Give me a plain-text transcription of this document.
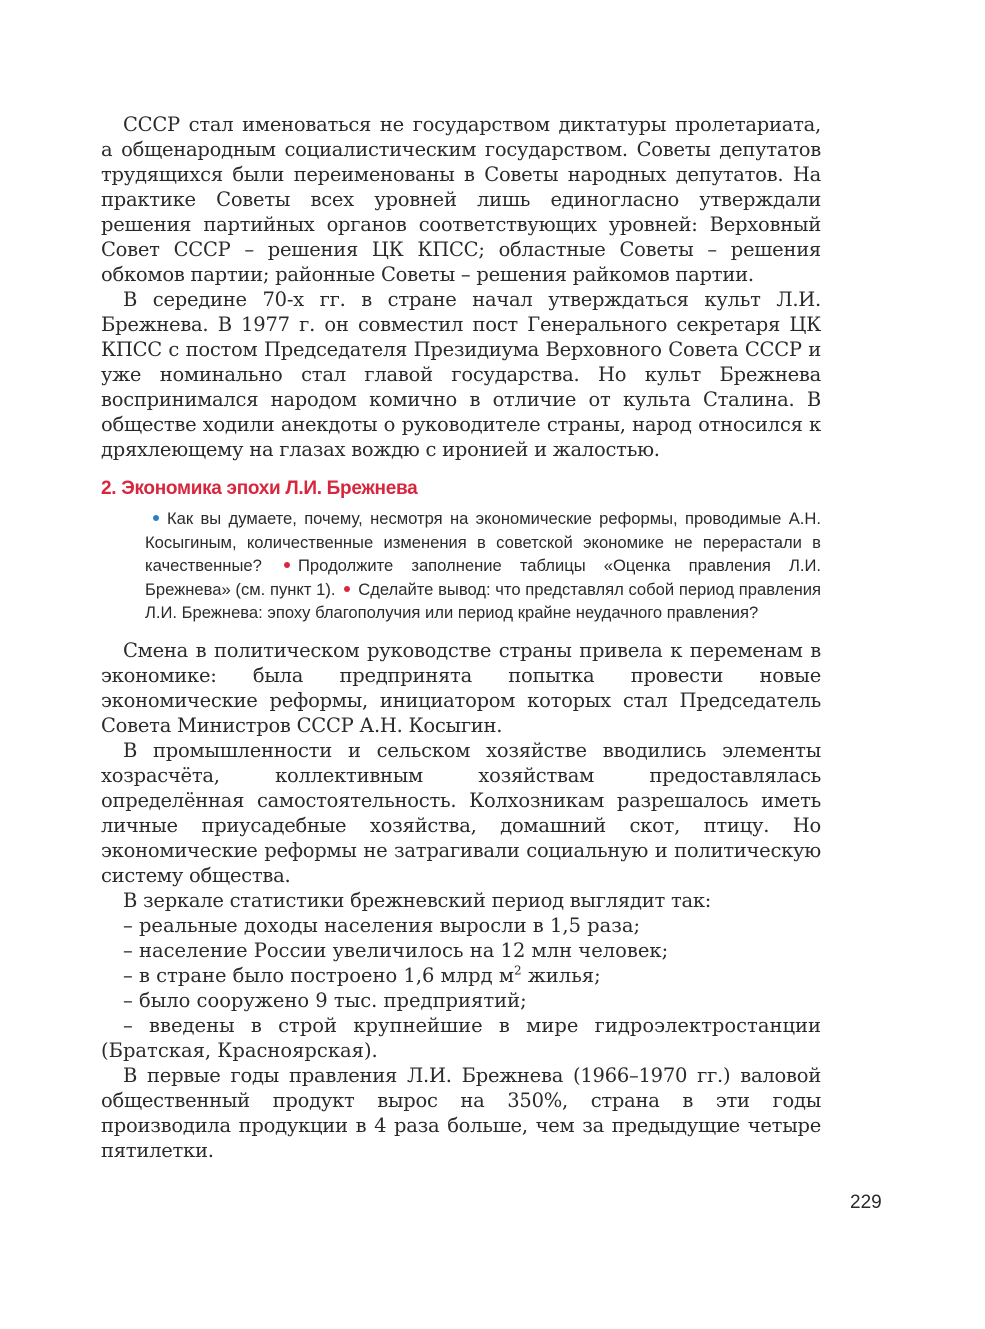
СССР стал именоваться не государством диктатуры пролетариата, а общенародным социалистическим государством. Советы депутатов трудящихся были переименованы в Советы народных депутатов. На практике Советы всех уровней лишь единогласно утверждали решения партийных органов соответствующих уровней: Верховный Совет СССР – решения ЦК КПСС; областные Советы – решения обкомов партии; районные Советы – решения райкомов партии.

В середине 70-х гг. в стране начал утверждаться культ Л.И. Брежнева. В 1977 г. он совместил пост Генерального секретаря ЦК КПСС с постом Председателя Президиума Верховного Совета СССР и уже номинально стал главой государства. Но культ Брежнева воспринимался народом комично в отличие от культа Сталина. В обществе ходили анекдоты о руководителе страны, народ относился к дряхлеющему на глазах вождю с иронией и жалостью.

2. Экономика эпохи Л.И. Брежнева
Как вы думаете, почему, несмотря на экономические реформы, проводимые А.Н. Косыгиным, количественные изменения в советской экономике не перерастали в качественные? Продолжите заполнение таблицы «Оценка правления Л.И. Брежнева» (см. пункт 1). Сделайте вывод: что представлял собой период правления Л.И. Брежнева: эпоху благополучия или период крайне неудачного правления?

Смена в политическом руководстве страны привела к переменам в экономике: была предпринята попытка провести новые экономические реформы, инициатором которых стал Председатель Совета Министров СССР А.Н. Косыгин.

В промышленности и сельском хозяйстве вводились элементы хозрасчёта, коллективным хозяйствам предоставлялась определённая самостоятельность. Колхозникам разрешалось иметь личные приусадебные хозяйства, домашний скот, птицу. Но экономические реформы не затрагивали социальную и политическую систему общества.

В зеркале статистики брежневский период выглядит так:

– реальные доходы населения выросли в 1,5 раза;

– население России увеличилось на 12 млн человек;

– в стране было построено 1,6 млрд $м^2$ жилья;

– было сооружено 9 тыс. предприятий;

– введены в строй крупнейшие в мире гидроэлектростанции (Братская, Красноярская).

В первые годы правления Л.И. Брежнева (1966–1970 гг.) валовой общественный продукт вырос на 350%, страна в эти годы производила продукции в 4 раза больше, чем за предыдущие четыре пятилетки.

229
